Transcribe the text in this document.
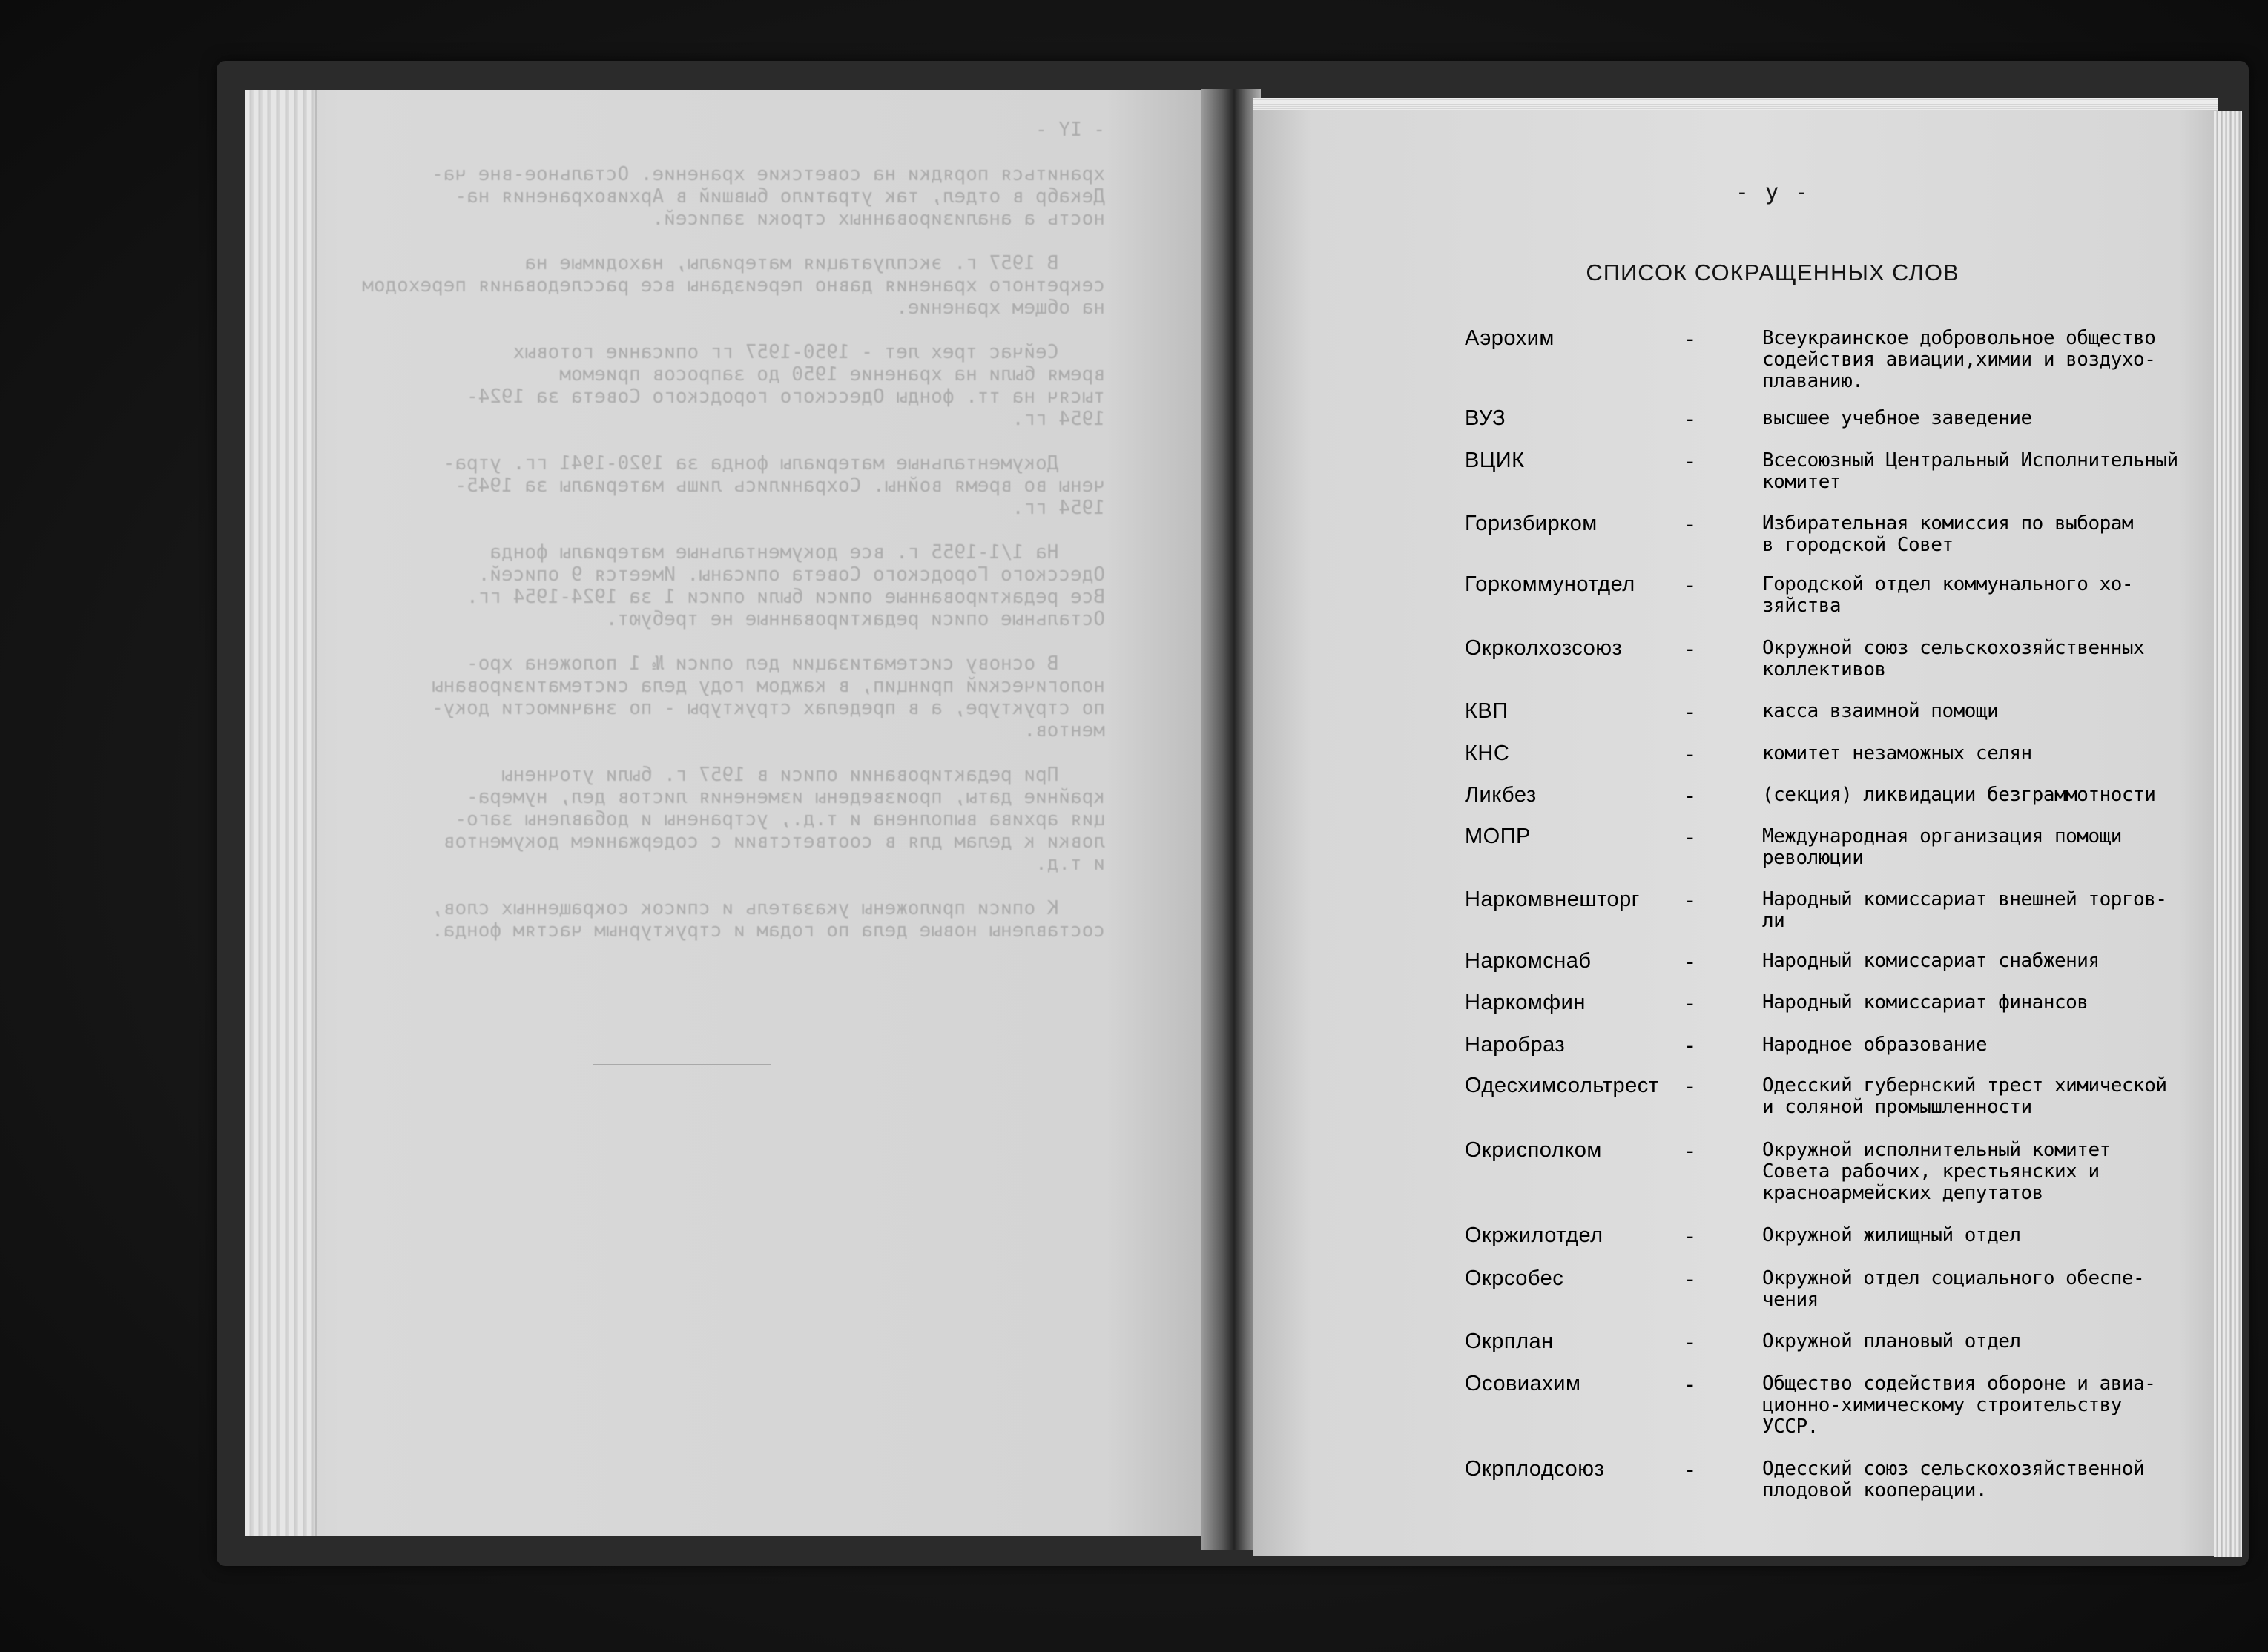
- IY -

храниться порядки на советские хранение. Остальное-вне ча-
Декабр в отдел, так утратило бывший в Архивохранения на-
ность а анализированных строки записей.

В 1957 г. эксплуатация материалы, находимые на
секретного хранения давно переизданы все расследования переходом
на общем хранение.

Сейчас трех лет - 1950-1957 гг описание готовых
время были на хранение 1950 до запросов приемом
тысяч на тт. фонды Одесского городского Совета за 1924-
1954 гг.

Документальные материалы фонда за 1920-1941 гг. утра-
чены во время войны. Сохранились лишь материалы за 1945-
1954 гг.

На 1/1-1955 г. все документальные материалы фонда
Одесского Городского Совета описаны. Имеется 9 описей.
Все редактированные описи были описи 1 за 1924-1954 гг.
Остальные описи редактированные не требуют.

В основу систематизации дел описи № 1 положена хро-
нологический принцип, в каждом году дела систематизированы
по структуре, а в пределах структуры - по значимости доку-
ментов.

При редактировании описи в 1957 г. были уточнены
крайние даты, произведены изменения листов дел, нумера-
ция архива выполнена и т.д., устранены и добавлены заго-
ловки к делам для в соответствии с содержанием документов
и т.д.

К описи приложены указатель и список сокращенных слов,
составлены новые дела по годам и структурным частям фонда.
- у -
СПИСОК СОКРАЩЕННЫХ СЛОВ
Аэрохим	-	Всеукраинское добровольное общество
содействия авиации,химии и воздухо-
плаванию.
ВУЗ	-	высшее учебное заведение
ВЦИК	-	Всесоюзный Центральный Исполнительный
комитет
Горизбирком	-	Избирательная комиссия по выборам
в городской Совет
Горкоммунотдел -	Городской отдел коммунального хо-
зяйства
Окрколхозсоюз	-	Окружной союз сельскохозяйственных
коллективов
КВП	-	касса взаимной помощи
КНС	-	комитет незаможных селян
Ликбез	-	(секция) ликвидации безграммотности
МОПР	-	Международная организация помощи
революции
Наркомвнешторг -	Народный комиссариат внешней торгов-
ли
Наркомснаб	-	Народный комиссариат снабжения
Наркомфин	-	Народный комиссариат финансов
Наробраз	-	Народное образование
Одесхимсольтрест -	Одесский губернский трест химической
и соляной промышленности
Окрисполком	-	Окружной исполнительный комитет
Совета рабочих, крестьянских и
красноармейских депутатов
Окржилотдел	-	Окружной жилищный отдел
Окрсобес	-	Окружной отдел социального обеспе-
чения
Окрплан	-	Окружной плановый отдел
Осовиахим	-	Общество содействия обороне и авиа-
ционно-химическому строительству
УССР.
Окрплодсоюз	-	Одесский союз сельскохозяйственной
плодовой кооперации.
